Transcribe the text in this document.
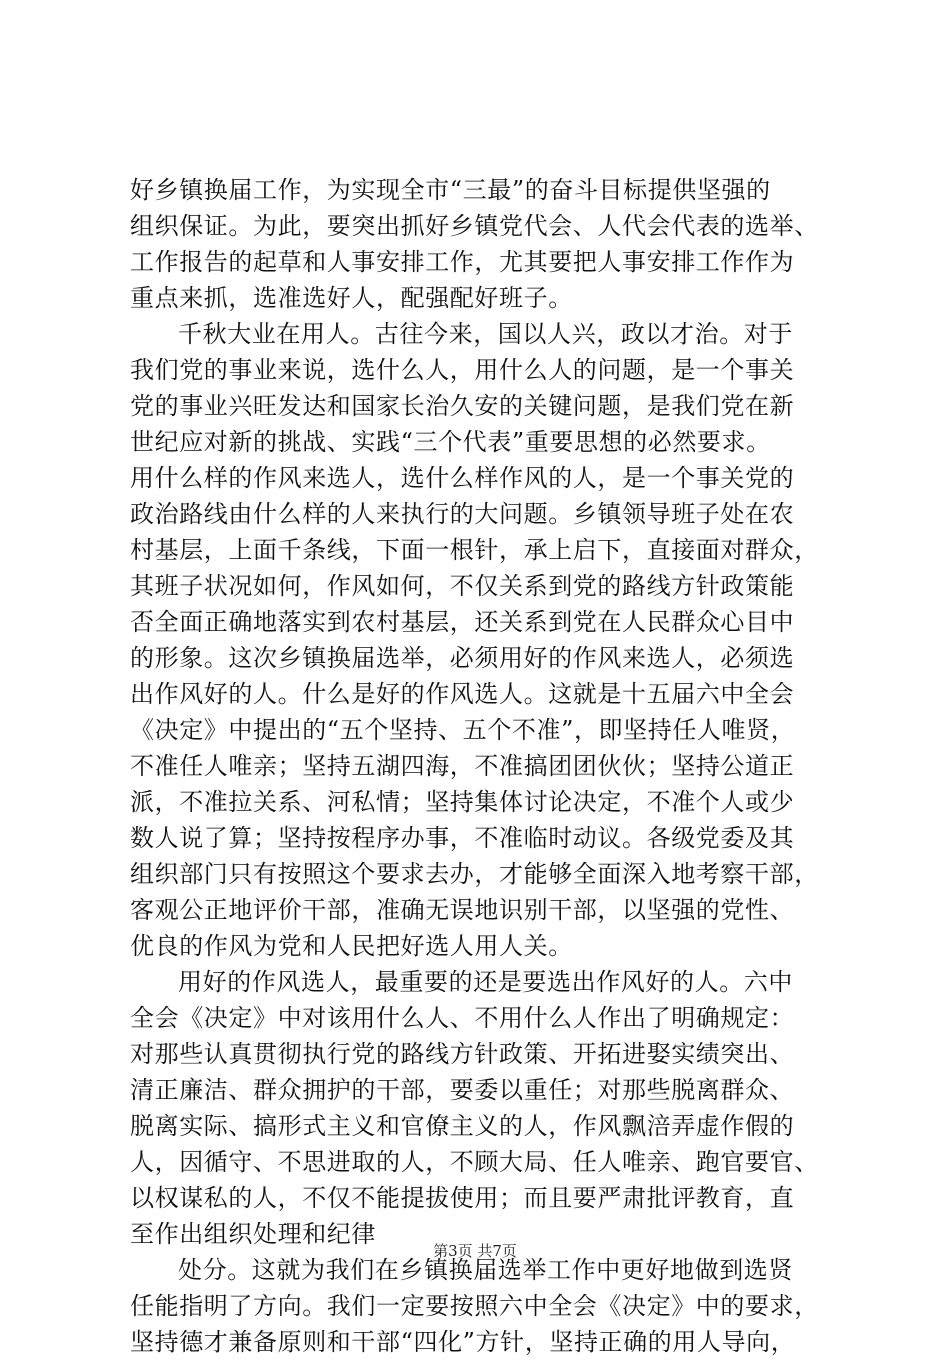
好乡镇换届工作，为实现全市“三最”的奋斗目标提供坚强的
组织保证。为此，要突出抓好乡镇党代会、人代会代表的选举、
工作报告的起草和人事安排工作，尤其要把人事安排工作作为
重点来抓，选准选好人，配强配好班子。
千秋大业在用人。古往今来，国以人兴，政以才治。对于
我们党的事业来说，选什么人，用什么人的问题，是一个事关
党的事业兴旺发达和国家长治久安的关键问题，是我们党在新
世纪应对新的挑战、实践“三个代表”重要思想的必然要求。
用什么样的作风来选人，选什么样作风的人，是一个事关党的
政治路线由什么样的人来执行的大问题。乡镇领导班子处在农
村基层，上面千条线，下面一根针，承上启下，直接面对群众，
其班子状况如何，作风如何，不仅关系到党的路线方针政策能
否全面正确地落实到农村基层，还关系到党在人民群众心目中
的形象。这次乡镇换届选举，必须用好的作风来选人，必须选
出作风好的人。什么是好的作风选人。这就是十五届六中全会
《决定》中提出的“五个坚持、五个不准”，即坚持任人唯贤，
不准任人唯亲；坚持五湖四海，不准搞团团伙伙；坚持公道正
派，不准拉关系、河私情；坚持集体讨论决定，不准个人或少
数人说了算；坚持按程序办事，不准临时动议。各级党委及其
组织部门只有按照这个要求去办，才能够全面深入地考察干部，
客观公正地评价干部，准确无误地识别干部，以坚强的党性、
优良的作风为党和人民把好选人用人关。
用好的作风选人，最重要的还是要选出作风好的人。六中
全会《决定》中对该用什么人、不用什么人作出了明确规定：
对那些认真贯彻执行党的路线方针政策、开拓进娶实绩突出、
清正廉洁、群众拥护的干部，要委以重任；对那些脱离群众、
脱离实际、搞形式主义和官僚主义的人，作风飘涪弄虚作假的
人，因循守、不思进取的人，不顾大局、任人唯亲、跑官要官、
以权谋私的人，不仅不能提拔使用；而且要严肃批评教育，直
至作出组织处理和纪律
处分。这就为我们在乡镇换届选举工作中更好地做到选贤
任能指明了方向。我们一定要按照六中全会《决定》中的要求，
坚持德才兼备原则和干部“四化”方针，坚持正确的用人导向，
第3页 共7页
